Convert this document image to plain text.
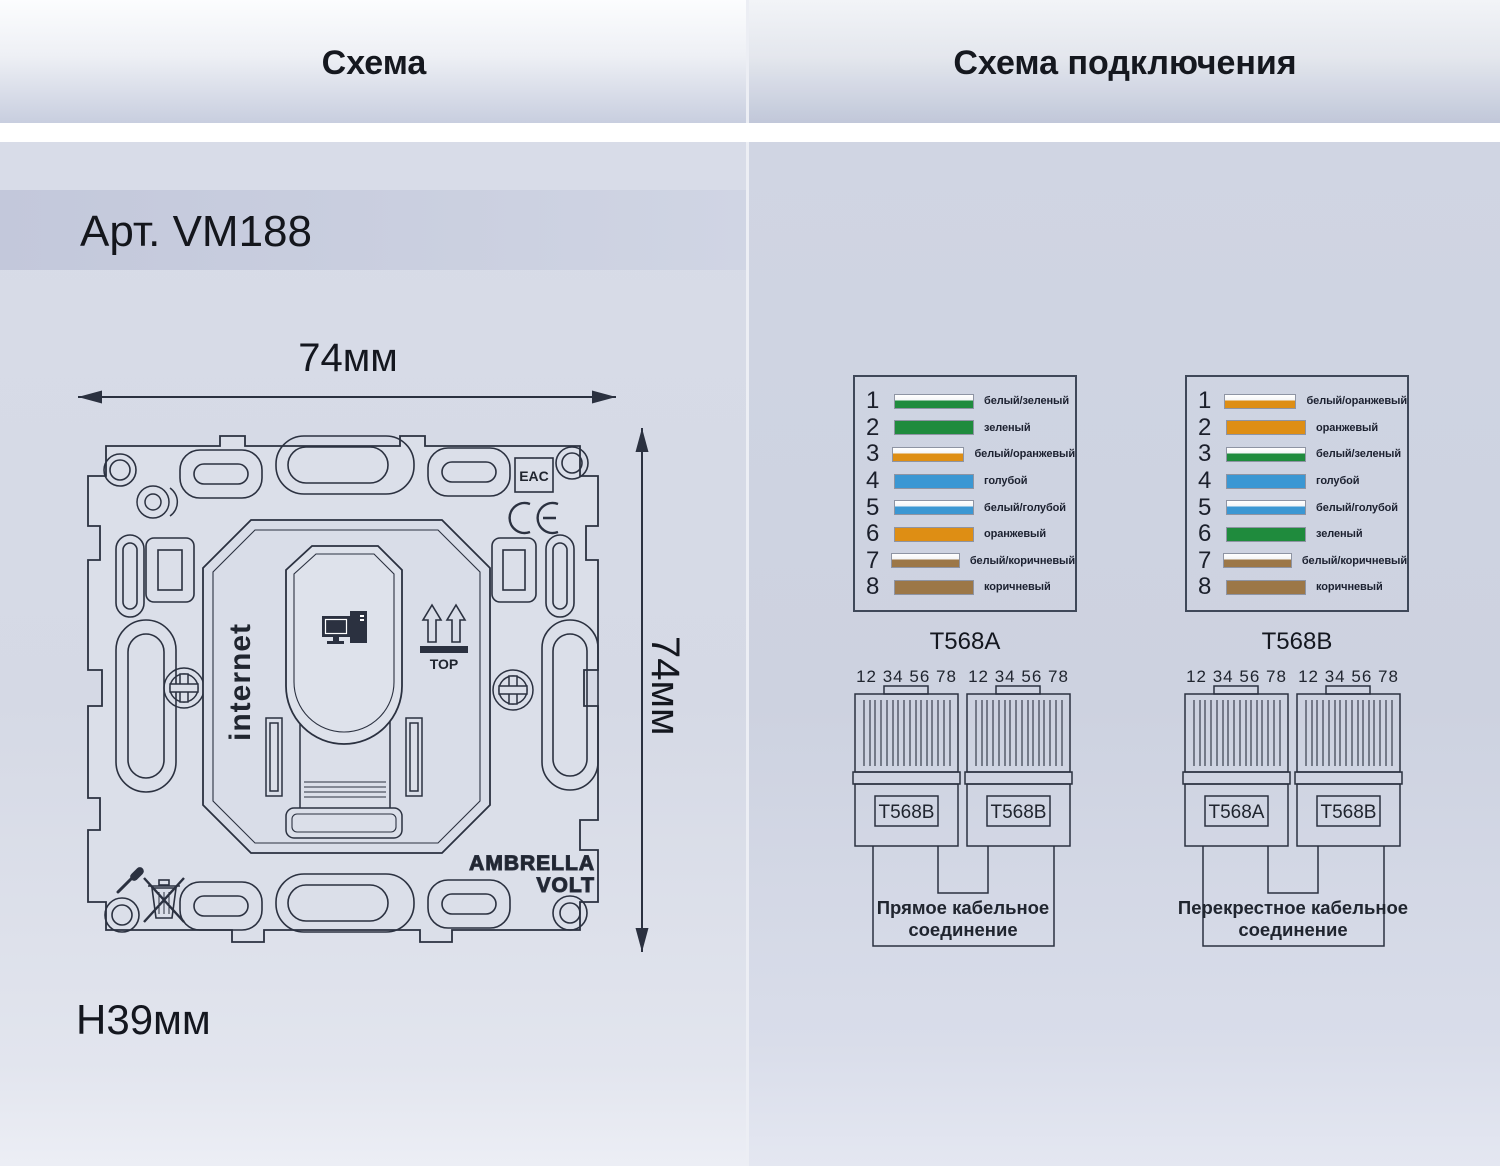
Схема	Схема подключения
Арт. VM188
74мм
74мм
Н39мм
EAC
internet	TOP
AMBRELLA
VOLT
1	белый/зеленый
2	зеленый
3	белый/оранжевый
4	голубой
5	белый/голубой
6	оранжевый
7	белый/коричневый
8	коричневый
T568A
1	белый/оранжевый
2	оранжевый
3	белый/зеленый
4	голубой
5	белый/голубой
6	зеленый
7	белый/коричневый
8	коричневый
T568B
12 34 56 78 12 34 56 78
T568B	T568B
Прямое кабельное
соединение
12 34 56 78 12 34 56 78
T568A	T568B
Перекрестное кабельное
соединение
